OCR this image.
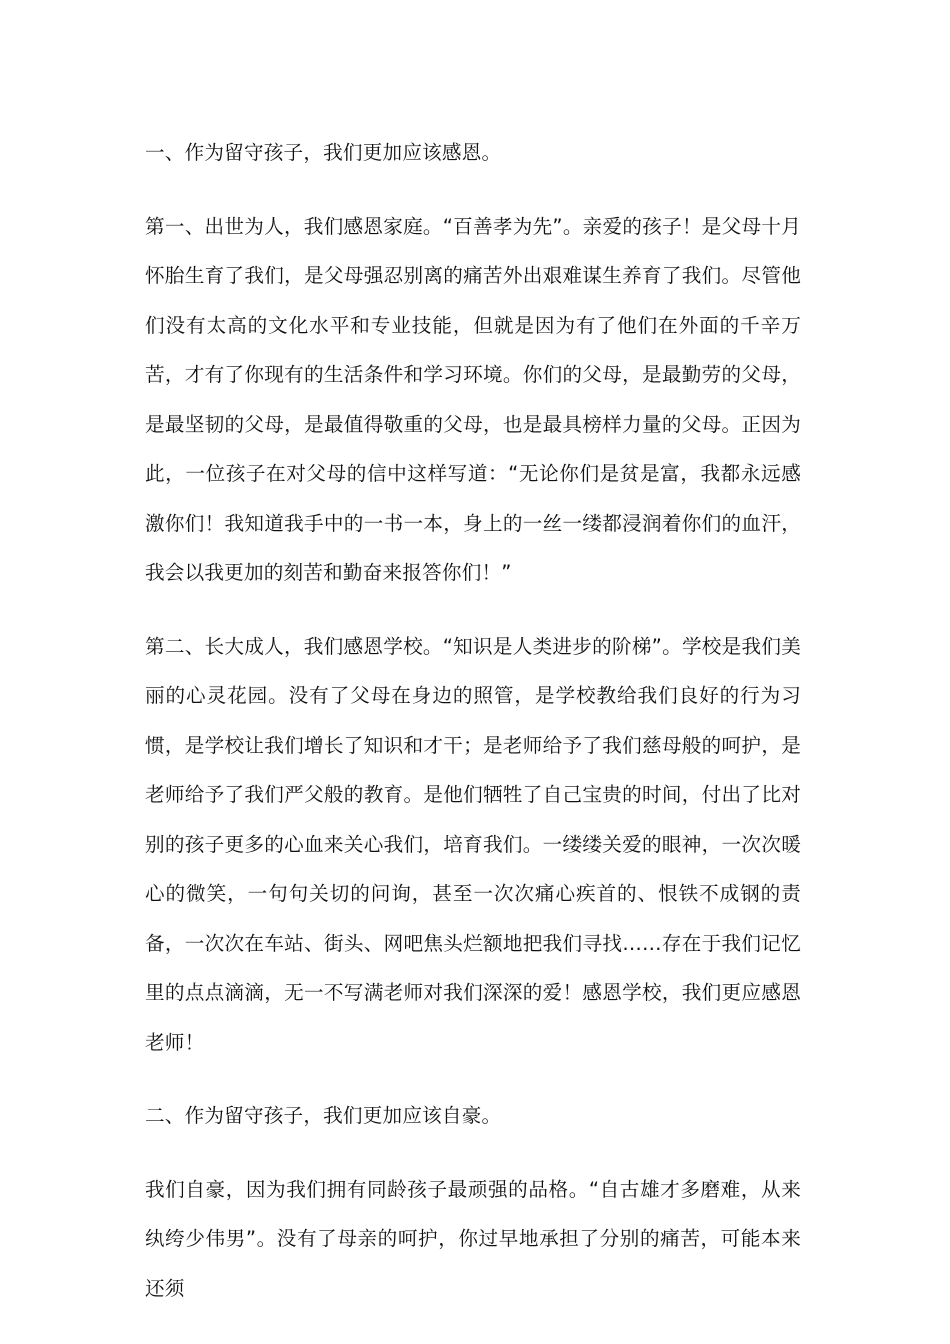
一、作为留守孩子，我们更加应该感恩。

第一、出世为人，我们感恩家庭。“百善孝为先”。亲爱的孩子！是父母十月怀胎生育了我们，是父母强忍别离的痛苦外出艰难谋生养育了我们。尽管他们没有太高的文化水平和专业技能，但就是因为有了他们在外面的千辛万苦，才有了你现有的生活条件和学习环境。你们的父母，是最勤劳的父母，是最坚韧的父母，是最值得敬重的父母，也是最具榜样力量的父母。正因为此，一位孩子在对父母的信中这样写道：“无论你们是贫是富，我都永远感激你们！我知道我手中的一书一本，身上的一丝一缕都浸润着你们的血汗，我会以我更加的刻苦和勤奋来报答你们！”

第二、长大成人，我们感恩学校。“知识是人类进步的阶梯”。学校是我们美丽的心灵花园。没有了父母在身边的照管，是学校教给我们良好的行为习惯，是学校让我们增长了知识和才干；是老师给予了我们慈母般的呵护，是老师给予了我们严父般的教育。是他们牺牲了自己宝贵的时间，付出了比对别的孩子更多的心血来关心我们，培育我们。一缕缕关爱的眼神，一次次暖心的微笑，一句句关切的问询，甚至一次次痛心疾首的、恨铁不成钢的责备，一次次在车站、街头、网吧焦头烂额地把我们寻找……存在于我们记忆里的点点滴滴，无一不写满老师对我们深深的爱！感恩学校，我们更应感恩老师！

二、作为留守孩子，我们更加应该自豪。

我们自豪，因为我们拥有同龄孩子最顽强的品格。“自古雄才多磨难，从来纨绔少伟男”。没有了母亲的呵护，你过早地承担了分别的痛苦，可能本来还须
